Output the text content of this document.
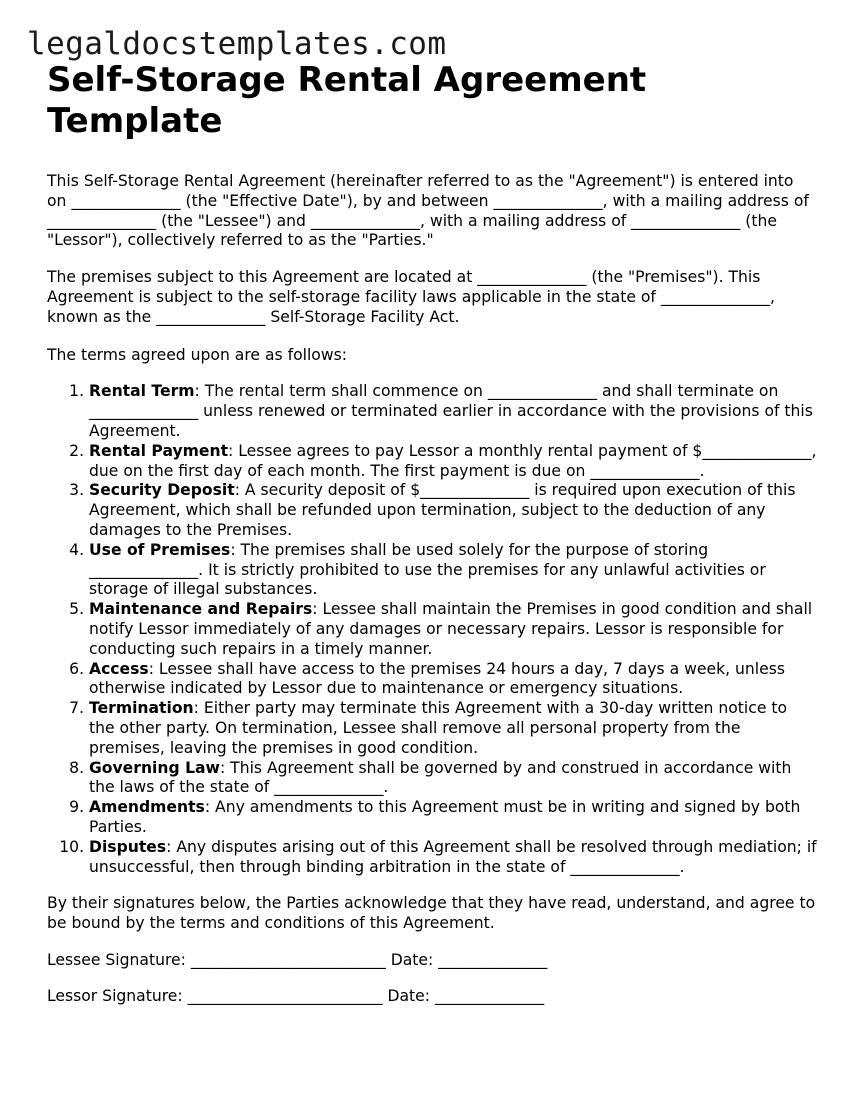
legaldocstemplates.com
Self-Storage Rental Agreement Template

This Self-Storage Rental Agreement (hereinafter referred to as the "Agreement") is entered into on ______________ (the "Effective Date"), by and between ______________, with a mailing address of ______________ (the "Lessee") and ______________, with a mailing address of ______________ (the "Lessor"), collectively referred to as the "Parties."

The premises subject to this Agreement are located at ______________ (the "Premises"). This Agreement is subject to the self-storage facility laws applicable in the state of ______________, known as the ______________ Self-Storage Facility Act.

The terms agreed upon are as follows:

1. Rental Term: The rental term shall commence on ______________ and shall terminate on ______________ unless renewed or terminated earlier in accordance with the provisions of this Agreement.
2. Rental Payment: Lessee agrees to pay Lessor a monthly rental payment of $______________, due on the first day of each month. The first payment is due on ______________.
3. Security Deposit: A security deposit of $______________ is required upon execution of this Agreement, which shall be refunded upon termination, subject to the deduction of any damages to the Premises.
4. Use of Premises: The premises shall be used solely for the purpose of storing ______________. It is strictly prohibited to use the premises for any unlawful activities or storage of illegal substances.
5. Maintenance and Repairs: Lessee shall maintain the Premises in good condition and shall notify Lessor immediately of any damages or necessary repairs. Lessor is responsible for conducting such repairs in a timely manner.
6. Access: Lessee shall have access to the premises 24 hours a day, 7 days a week, unless otherwise indicated by Lessor due to maintenance or emergency situations.
7. Termination: Either party may terminate this Agreement with a 30-day written notice to the other party. On termination, Lessee shall remove all personal property from the premises, leaving the premises in good condition.
8. Governing Law: This Agreement shall be governed by and construed in accordance with the laws of the state of ______________.
9. Amendments: Any amendments to this Agreement must be in writing and signed by both Parties.
10. Disputes: Any disputes arising out of this Agreement shall be resolved through mediation; if unsuccessful, then through binding arbitration in the state of ______________.

By their signatures below, the Parties acknowledge that they have read, understand, and agree to be bound by the terms and conditions of this Agreement.

Lessee Signature: _________________________ Date: ______________

Lessor Signature: _________________________ Date: ______________
